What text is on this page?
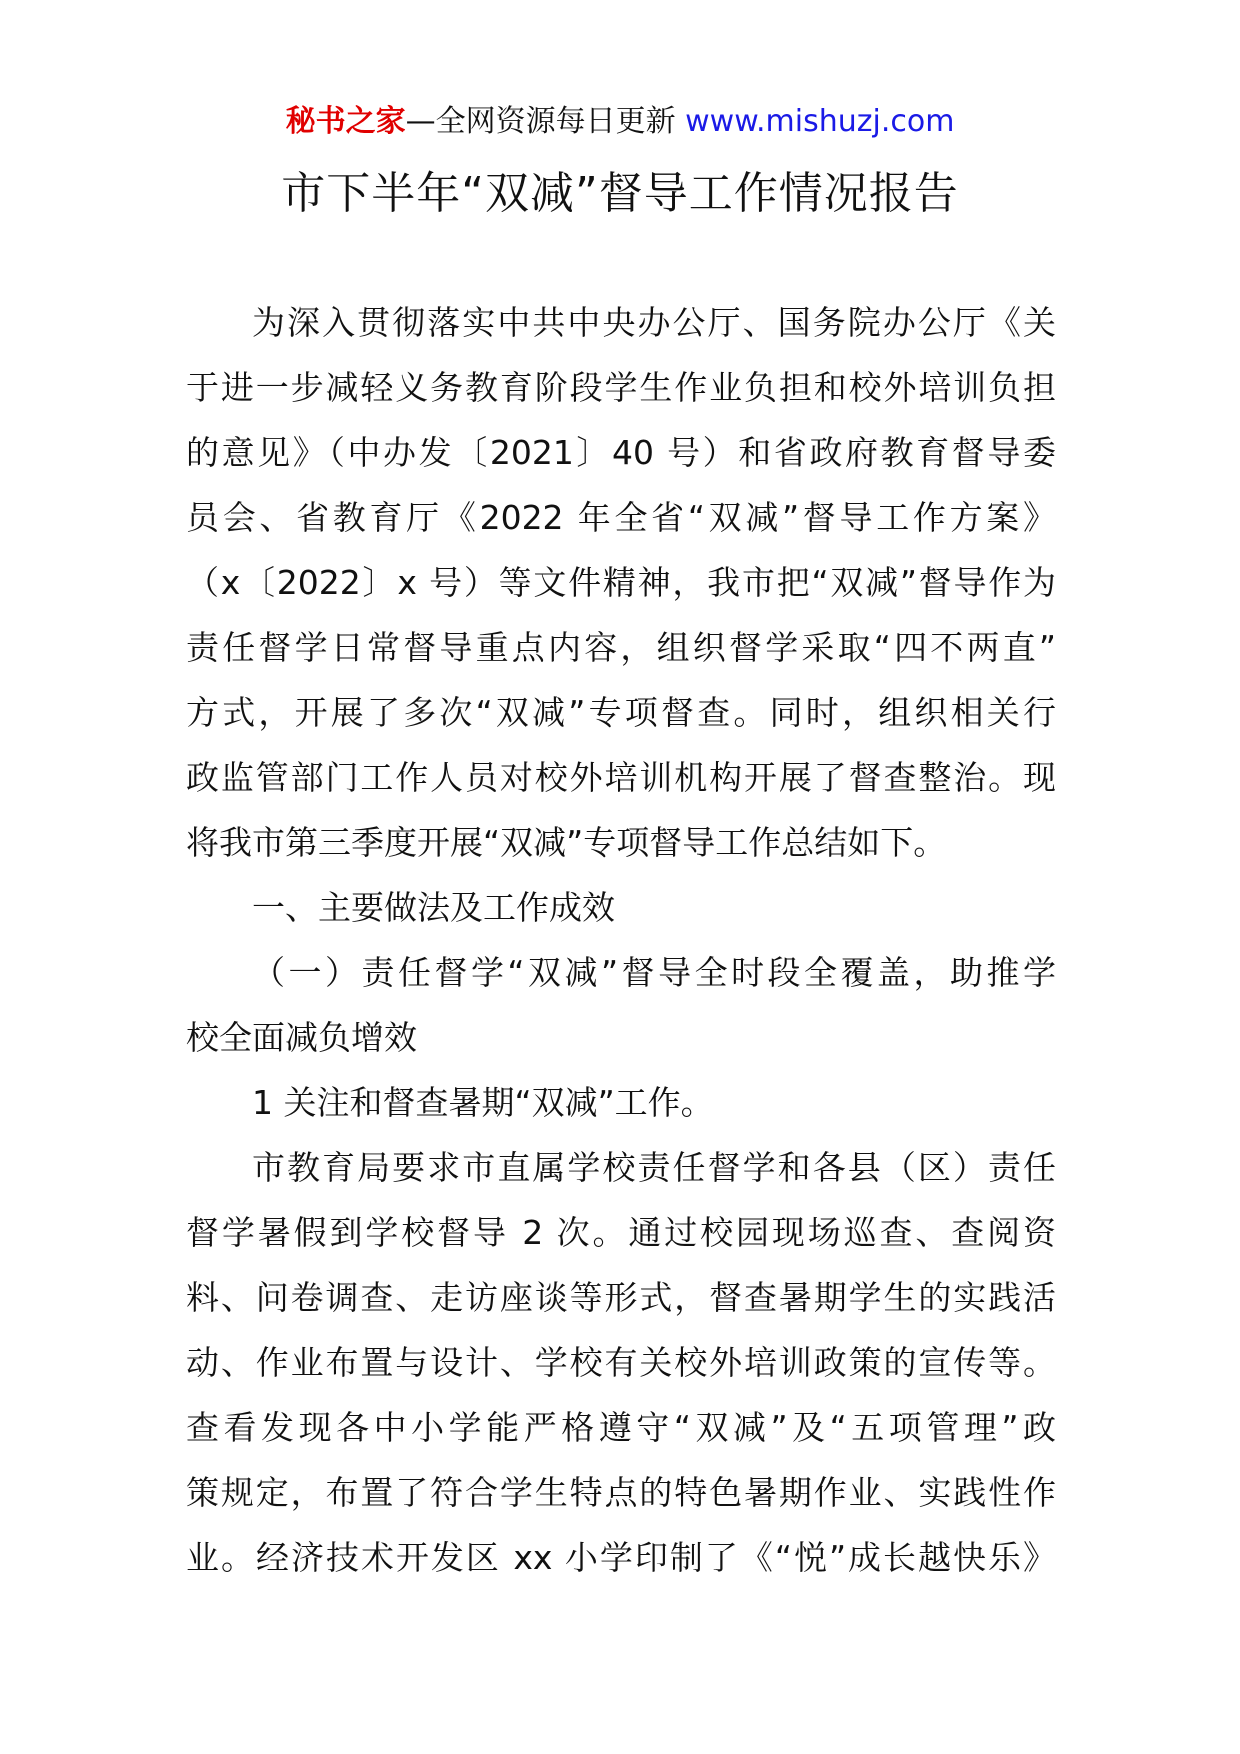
秘书之家—全网资源每日更新 www.mishuzj.com
市下半年“双减”督导工作情况报告
为深入贯彻落实中共中央办公厅、国务院办公厅《关
于进一步减轻义务教育阶段学生作业负担和校外培训负担
的意见》（中办发〔2021〕40 号）和省政府教育督导委
员会、省教育厅《2022 年全省“双减”督导工作方案》
（x〔2022〕x 号）等文件精神，我市把“双减”督导作为
责任督学日常督导重点内容，组织督学采取“四不两直”
方式，开展了多次“双减”专项督查。同时，组织相关行
政监管部门工作人员对校外培训机构开展了督查整治。现
将我市第三季度开展“双减”专项督导工作总结如下。
一、主要做法及工作成效
（一）责任督学“双减”督导全时段全覆盖，助推学
校全面减负增效
1 关注和督查暑期“双减”工作。
市教育局要求市直属学校责任督学和各县（区）责任
督学暑假到学校督导 2 次。通过校园现场巡查、查阅资
料、问卷调查、走访座谈等形式，督查暑期学生的实践活
动、作业布置与设计、学校有关校外培训政策的宣传等。
查看发现各中小学能严格遵守“双减”及“五项管理”政
策规定，布置了符合学生特点的特色暑期作业、实践性作
业。经济技术开发区 xx 小学印制了《“悦”成长越快乐》
